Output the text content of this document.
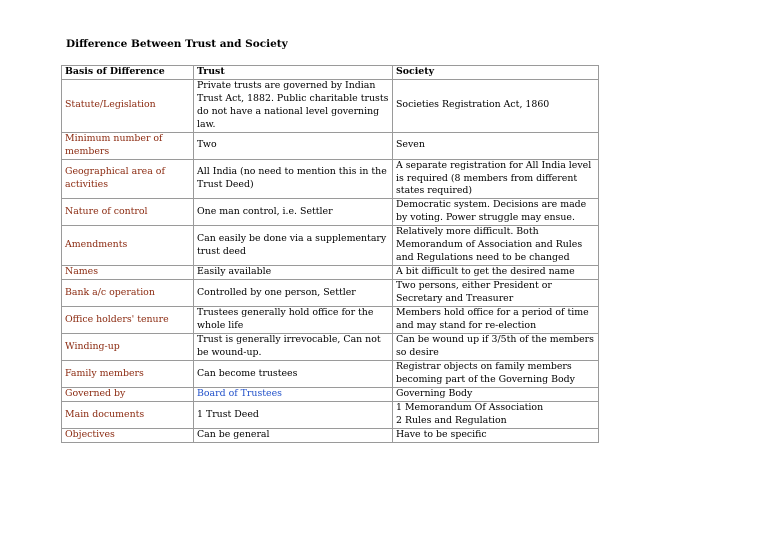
Difference Between Trust and Society
Basis of Difference	Trust	Society
Statute/Legislation	Private trusts are governed by Indian Trust Act, 1882. Public charitable trusts do not have a national level governing law.	Societies Registration Act, 1860
Minimum number of members	Two	Seven
Geographical area of activities	All India (no need to mention this in the Trust Deed)	A separate registration for All India level is required (8 members from different states required)
Nature of control	One man control, i.e. Settler	Democratic system. Decisions are made by voting. Power struggle may ensue.
Amendments	Can easily be done via a supplementary trust deed	Relatively more difficult. Both Memorandum of Association and Rules and Regulations need to be changed
Names	Easily available	A bit difficult to get the desired name
Bank a/c operation	Controlled by one person, Settler	Two persons, either President or Secretary and Treasurer
Office holders' tenure	Trustees generally hold office for the whole life	Members hold office for a period of time and may stand for re-election
Winding-up	Trust is generally irrevocable, Can not be wound-up.	Can be wound up if 3/5th of the members so desire
Family members	Can become trustees	Registrar objects on family members becoming part of the Governing Body
Governed by	Board of Trustees	Governing Body
Main documents	1 Trust Deed	1 Memorandum Of Association
2 Rules and Regulation
Objectives	Can be general	Have to be specific
